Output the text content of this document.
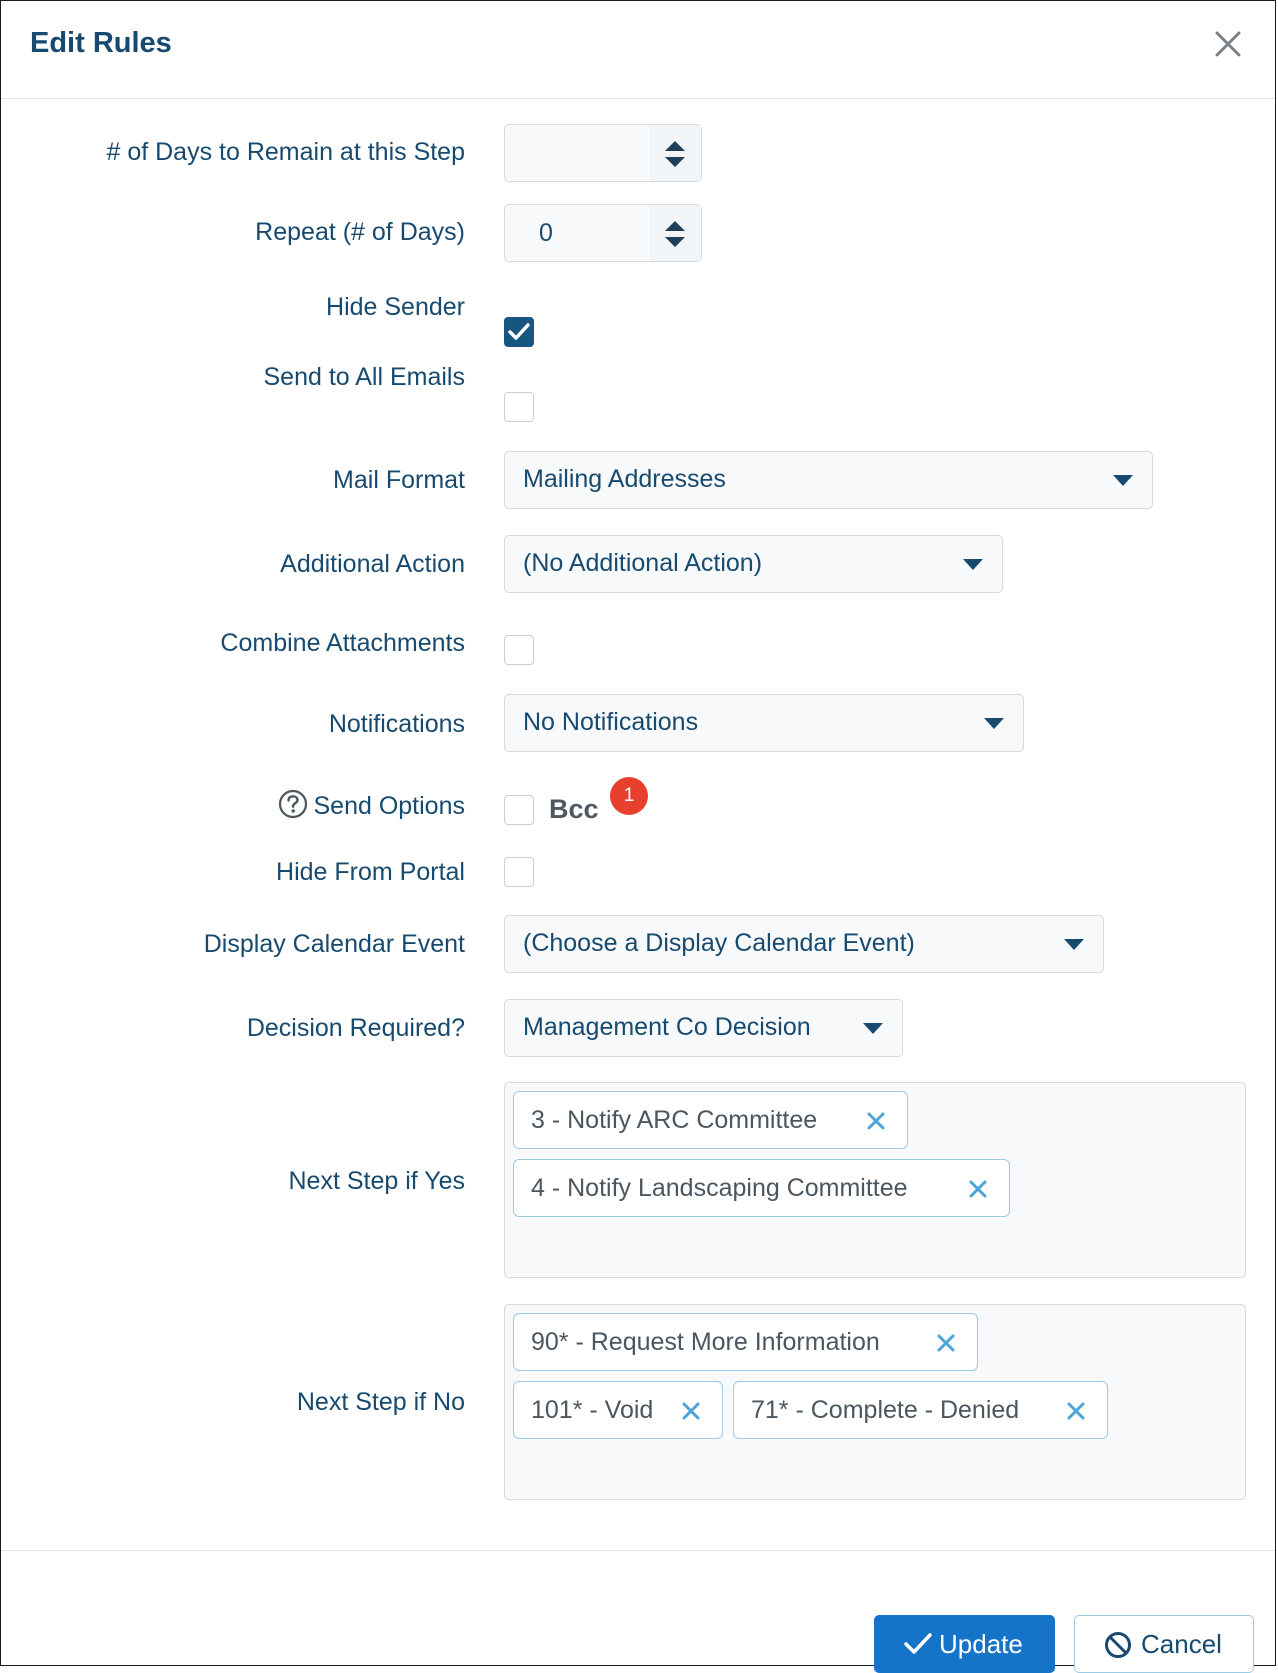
Edit Rules
# of Days to Remain at this Step
Repeat (# of Days)	0
Hide Sender
Send to All Emails
Mail Format Mailing Addresses
Additional Action (No Additional Action)
Combine Attachments
Notifications No Notifications
Send Options	Bcc	1
Hide From Portal
Display Calendar Event (Choose a Display Calendar Event)
Decision Required? Management Co Decision
Next Step if Yes
3 - Notify ARC Committee
4 - Notify Landscaping Committee
Next Step if No
90* - Request More Information
101* - Void	71* - Complete - Denied
Update	Cancel
